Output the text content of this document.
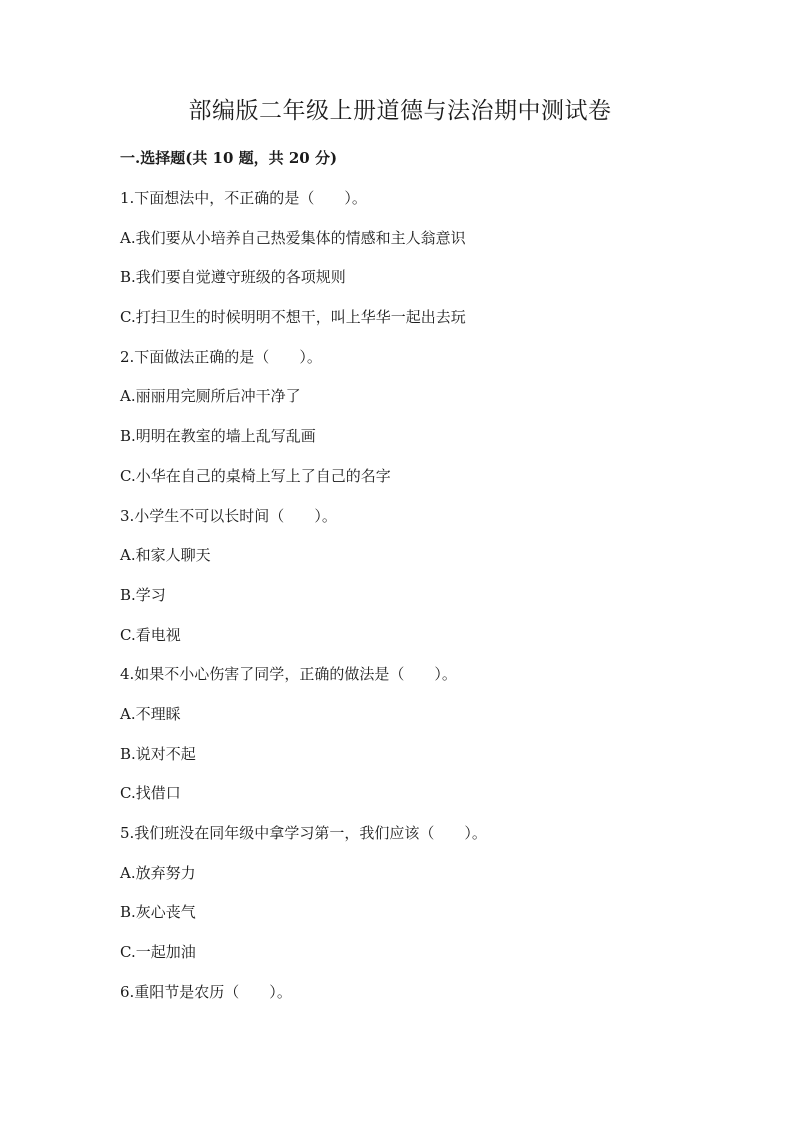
部编版二年级上册道德与法治期中测试卷
一.选择题(共 10 题，共 20 分)
1.下面想法中，不正确的是（　　）。
A.我们要从小培养自己热爱集体的情感和主人翁意识
B.我们要自觉遵守班级的各项规则
C.打扫卫生的时候明明不想干，叫上华华一起出去玩
2.下面做法正确的是（　　）。
A.丽丽用完厕所后冲干净了
B.明明在教室的墙上乱写乱画
C.小华在自己的桌椅上写上了自己的名字
3.小学生不可以长时间（　　）。
A.和家人聊天
B.学习
C.看电视
4.如果不小心伤害了同学，正确的做法是（　　）。
A.不理睬
B.说对不起
C.找借口
5.我们班没在同年级中拿学习第一，我们应该（　　）。
A.放弃努力
B.灰心丧气
C.一起加油
6.重阳节是农历（　　）。
